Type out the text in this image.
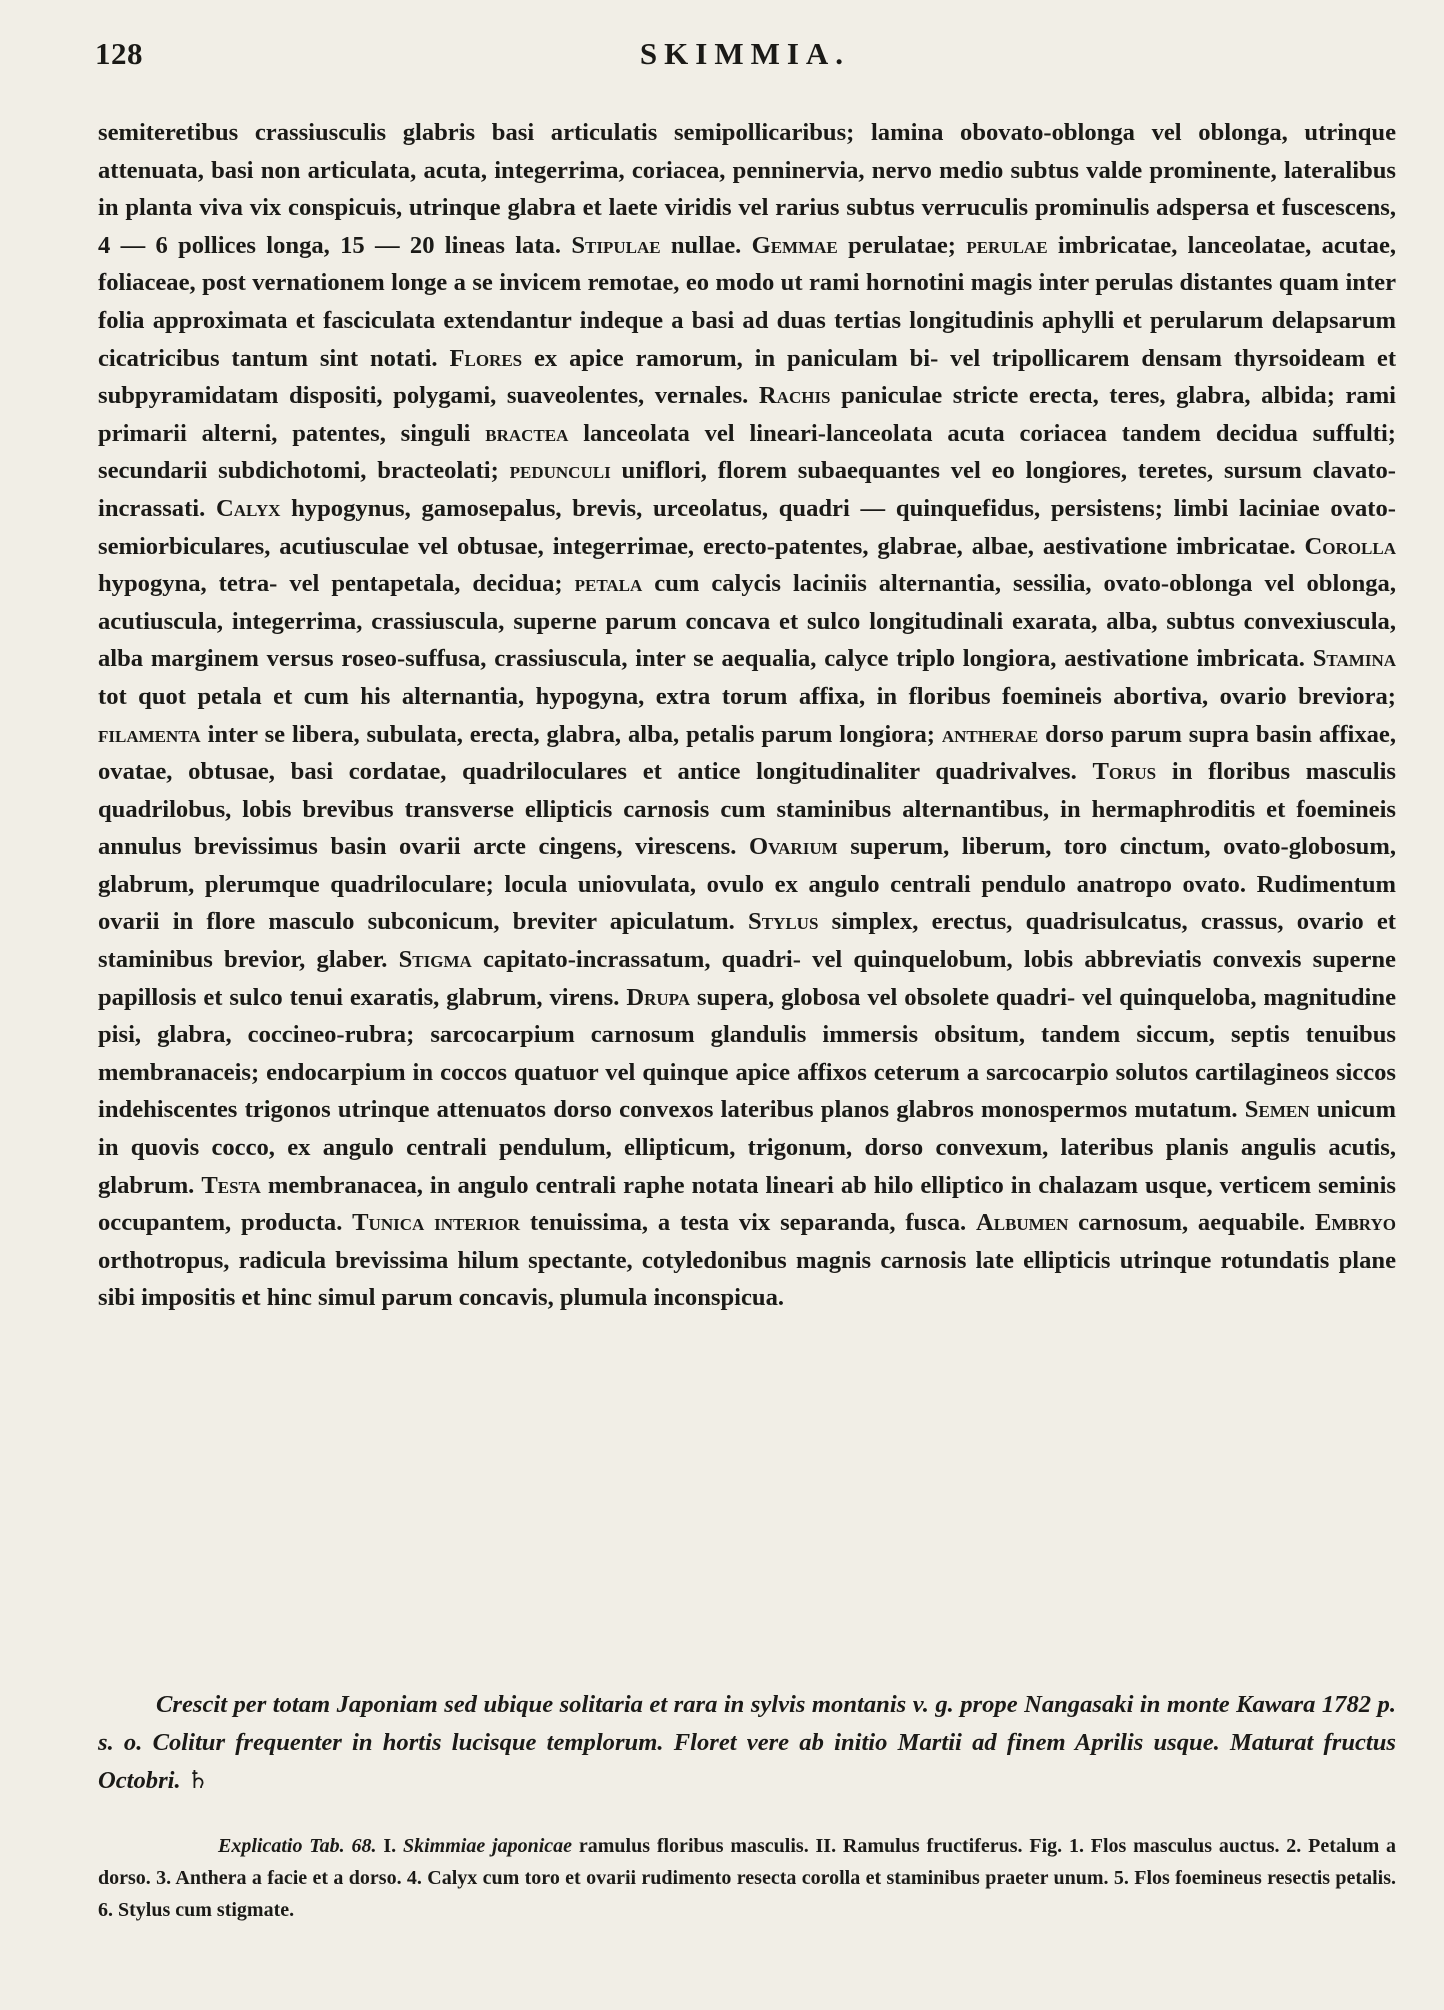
128	SKIMMIA.

semiteretibus crassiusculis glabris basi articulatis semipollicaribus; lamina obovato-oblonga vel oblonga, utrinque attenuata, basi non articulata, acuta, integerrima, coriacea, penninervia, nervo medio subtus valde prominente, lateralibus in planta viva vix conspicuis, utrinque glabra et laete viridis vel rarius subtus verruculis prominulis adspersa et fuscescens, 4 — 6 pollices longa, 15 — 20 lineas lata. Stipulae nullae. Gemmae perulatae; perulae imbricatae, lanceolatae, acutae, foliaceae, post vernationem longe a se invicem remotae, eo modo ut rami hornotini magis inter perulas distantes quam inter folia approximata et fasciculata extendantur indeque a basi ad duas tertias longitudinis aphylli et perularum delapsarum cicatricibus tantum sint notati. Flores ex apice ramorum, in paniculam bi- vel tripollicarem densam thyrsoideam et subpyramidatam dispositi, polygami, suaveolentes, vernales. Rachis paniculae stricte erecta, teres, glabra, albida; rami primarii alterni, patentes, singuli bractea lanceolata vel lineari-lanceolata acuta coriacea tandem decidua suffulti; secundarii subdichotomi, bracteolati; pedunculi uniflori, florem subaequantes vel eo longiores, teretes, sursum clavato-incrassati. Calyx hypogynus, gamosepalus, brevis, urceolatus, quadri — quinquefidus, persistens; limbi laciniae ovato-semiorbiculares, acutiusculae vel obtusae, integerrimae, erecto-patentes, glabrae, albae, aestivatione imbricatae. Corolla hypogyna, tetra- vel pentapetala, decidua; petala cum calycis laciniis alternantia, sessilia, ovato-oblonga vel oblonga, acutiuscula, integerrima, crassiuscula, superne parum concava et sulco longitudinali exarata, alba, subtus convexiuscula, alba marginem versus roseo-suffusa, crassiuscula, inter se aequalia, calyce triplo longiora, aestivatione imbricata. Stamina tot quot petala et cum his alternantia, hypogyna, extra torum affixa, in floribus foemineis abortiva, ovario breviora; filamenta inter se libera, subulata, erecta, glabra, alba, petalis parum longiora; antherae dorso parum supra basin affixae, ovatae, obtusae, basi cordatae, quadriloculares et antice longitudinaliter quadrivalves. Torus in floribus masculis quadrilobus, lobis brevibus transverse ellipticis carnosis cum staminibus alternantibus, in hermaphroditis et foemineis annulus brevissimus basin ovarii arcte cingens, virescens. Ovarium superum, liberum, toro cinctum, ovato-globosum, glabrum, plerumque quadriloculare; locula uniovulata, ovulo ex angulo centrali pendulo anatropo ovato. Rudimentum ovarii in flore masculo subconicum, breviter apiculatum. Stylus simplex, erectus, quadrisulcatus, crassus, ovario et staminibus brevior, glaber. Stigma capitato-incrassatum, quadri- vel quinquelobum, lobis abbreviatis convexis superne papillosis et sulco tenui exaratis, glabrum, virens. Drupa supera, globosa vel obsolete quadri- vel quinqueloba, magnitudine pisi, glabra, coccineo-rubra; sarcocarpium carnosum glandulis immersis obsitum, tandem siccum, septis tenuibus membranaceis; endocarpium in coccos quatuor vel quinque apice affixos ceterum a sarcocarpio solutos cartilagineos siccos indehiscentes trigonos utrinque attenuatos dorso convexos lateribus planos glabros monospermos mutatum. Semen unicum in quovis cocco, ex angulo centrali pendulum, ellipticum, trigonum, dorso convexum, lateribus planis angulis acutis, glabrum. Testa membranacea, in angulo centrali raphe notata lineari ab hilo elliptico in chalazam usque, verticem seminis occupantem, producta. Tunica interior tenuissima, a testa vix separanda, fusca. Albumen carnosum, aequabile. Embryo orthotropus, radicula brevissima hilum spectante, cotyledonibus magnis carnosis late ellipticis utrinque rotundatis plane sibi impositis et hinc simul parum concavis, plumula inconspicua.

Crescit per totam Japoniam sed ubique solitaria et rara in sylvis montanis v. g. prope Nangasaki in monte Kawara 1782 p. s. o. Colitur frequenter in hortis lucisque templorum. Floret vere ab initio Martii ad finem Aprilis usque. Maturat fructus Octobri. ♄

Explicatio Tab. 68. I. Skimmiae japonicae ramulus floribus masculis. II. Ramulus fructiferus. Fig. 1. Flos masculus auctus. 2. Petalum a dorso. 3. Anthera a facie et a dorso. 4. Calyx cum toro et ovarii rudimento resecta corolla et staminibus praeter unum. 5. Flos foemineus resectis petalis. 6. Stylus cum stigmate.
